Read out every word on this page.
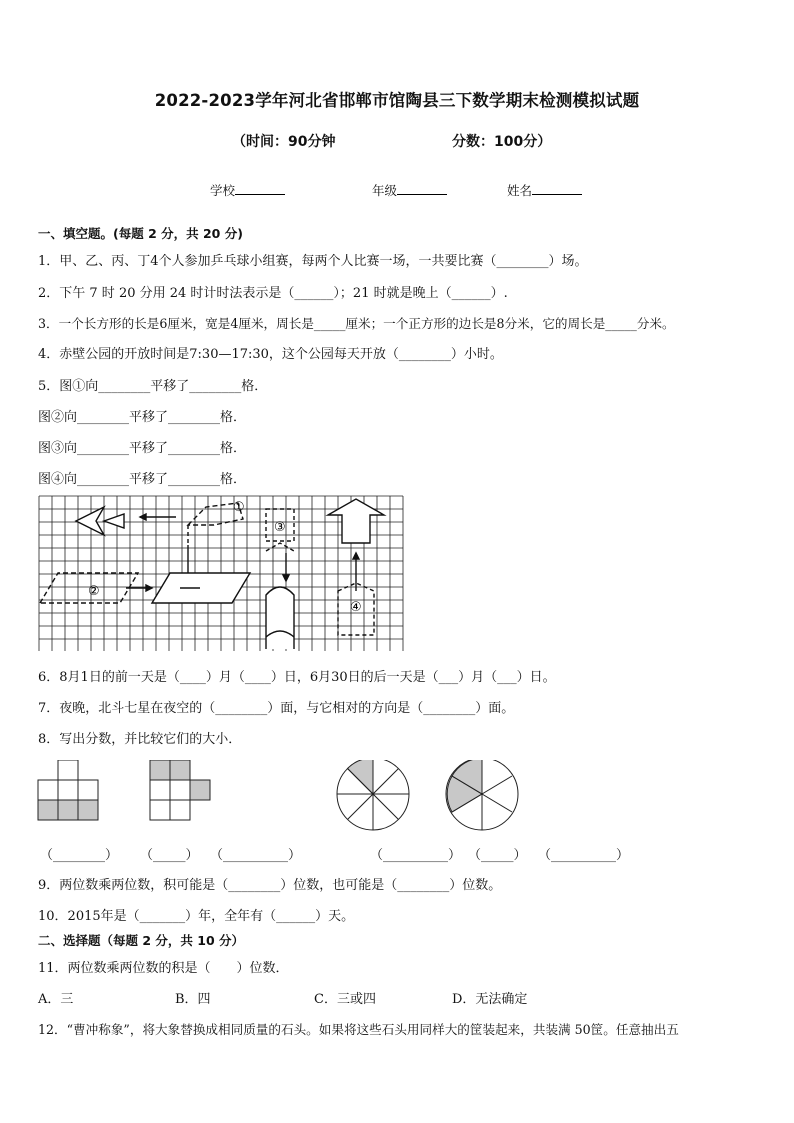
2022-2023学年河北省邯郸市馆陶县三下数学期末检测模拟试题
（时间：90分钟	分数：100分）
学校	年级	姓名
一、填空题。(每题 2 分，共 20 分)
1．甲、乙、丙、丁4个人参加乒乓球小组赛，每两个人比赛一场，一共要比赛（________）场。
2．下午 7 时 20 分用 24 时计时法表示是（______）；21 时就是晚上（______）.
3．一个长方形的长是6厘米，宽是4厘米，周长是_____厘米；一个正方形的边长是8分米，它的周长是_____分米。
4．赤壁公园的开放时间是7:30—17:30，这个公园每天开放（________）小时。
5．图①向________平移了________格．
图②向________平移了________格．
图③向________平移了________格．
图④向________平移了________格．
①
②
③
④
6．8月1日的前一天是（____）月（____）日，6月30日的后一天是（___）月（___）日。
7．夜晚，北斗七星在夜空的（________）面，与它相对的方向是（________）面。
8．写出分数，并比较它们的大小．
（________） （_____） （__________）	（__________） （_____） （__________）
9．两位数乘两位数，积可能是（________）位数，也可能是（________）位数。
10．2015年是（_______）年，全年有（______）天。
二、选择题（每题 2 分，共 10 分）
11．两位数乘两位数的积是（　　）位数．
A．三	B．四	C．三或四	D．无法确定
12．“曹冲称象”，将大象替换成相同质量的石头。如果将这些石头用同样大的筐装起来，共装满 50筐。任意抽出五
